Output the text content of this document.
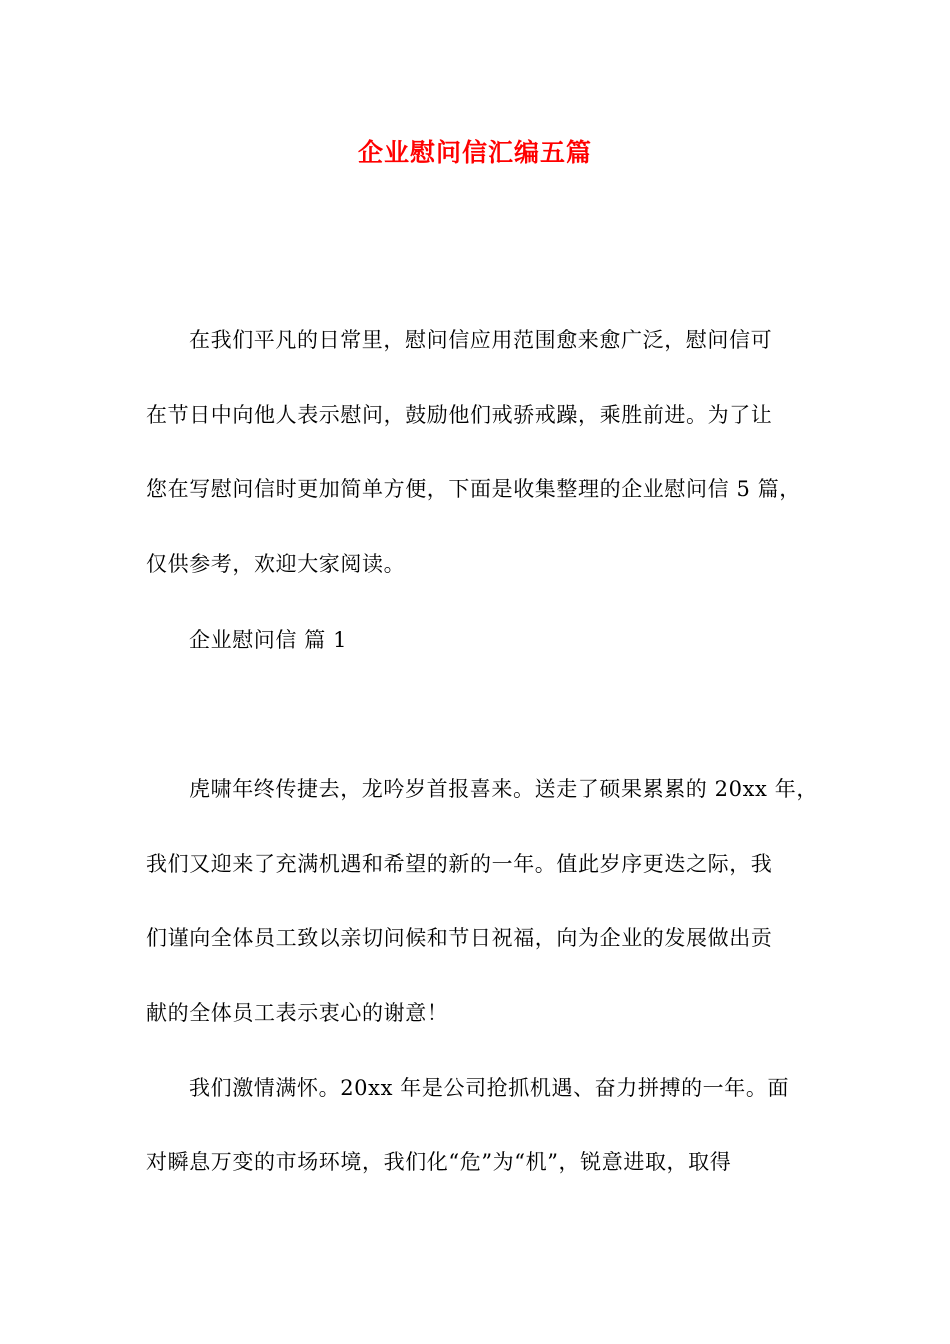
企业慰问信汇编五篇
在我们平凡的日常里，慰问信应用范围愈来愈广泛，慰问信可
在节日中向他人表示慰问，鼓励他们戒骄戒躁，乘胜前进。为了让
您在写慰问信时更加简单方便，下面是收集整理的企业慰问信 5 篇，
仅供参考，欢迎大家阅读。
企业慰问信 篇 1
虎啸年终传捷去，龙吟岁首报喜来。送走了硕果累累的 20xx 年，
我们又迎来了充满机遇和希望的新的一年。值此岁序更迭之际，我
们谨向全体员工致以亲切问候和节日祝福，向为企业的发展做出贡
献的全体员工表示衷心的谢意！
我们激情满怀。20xx 年是公司抢抓机遇、奋力拼搏的一年。面
对瞬息万变的市场环境，我们化“危”为“机”，锐意进取，取得
